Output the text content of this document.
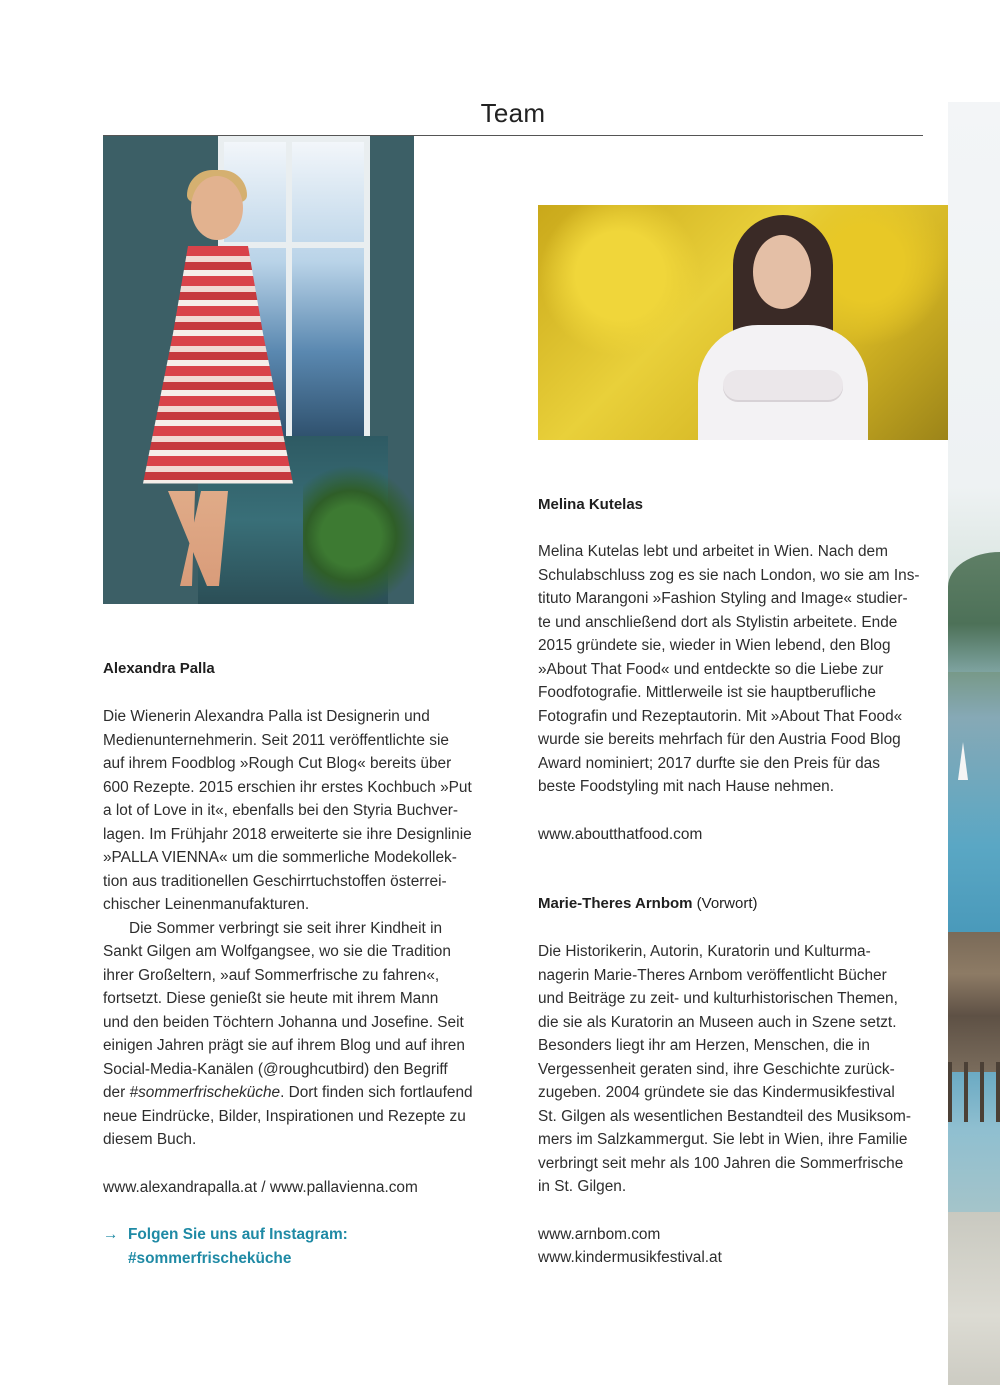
Team
Alexandra Palla

Die Wienerin Alexandra Palla ist Designerin und
Medienunternehmerin. Seit 2011 veröffentlichte sie
auf ihrem Foodblog »Rough Cut Blog« bereits über
600 Rezepte. 2015 erschien ihr erstes Kochbuch »Put
a lot of Love in it«, ebenfalls bei den Styria Buchver-
lagen. Im Frühjahr 2018 erweiterte sie ihre Designlinie
»PALLA VIENNA« um die sommerliche Modekollek-
tion aus traditionellen Geschirrtuchstoffen österrei-
chischer Leinenmanufakturen.

Die Sommer verbringt sie seit ihrer Kindheit in
Sankt Gilgen am Wolfgangsee, wo sie die Tradition
ihrer Großeltern, »auf Sommerfrische zu fahren«,
fortsetzt. Diese genießt sie heute mit ihrem Mann
und den beiden Töchtern Johanna und Josefine. Seit
einigen Jahren prägt sie auf ihrem Blog und auf ihren
Social-Media-Kanälen (@roughcutbird) den Begriff
der #sommerfrischeküche. Dort finden sich fortlaufend
neue Eindrücke, Bilder, Inspirationen und Rezepte zu
diesem Buch.

www.alexandrapalla.at / www.pallavienna.com
→ Folgen Sie uns auf Instagram:
#sommerfrischeküche
Melina Kutelas

Melina Kutelas lebt und arbeitet in Wien. Nach dem
Schulabschluss zog es sie nach London, wo sie am Ins-
tituto Marangoni »Fashion Styling and Image« studier-
te und anschließend dort als Stylistin arbeitete. Ende
2015 gründete sie, wieder in Wien lebend, den Blog
»About That Food« und entdeckte so die Liebe zur
Foodfotografie. Mittlerweile ist sie hauptberufliche
Fotografin und Rezeptautorin. Mit »About That Food«
wurde sie bereits mehrfach für den Austria Food Blog
Award nominiert; 2017 durfte sie den Preis für das
beste Foodstyling mit nach Hause nehmen.

www.aboutthatfood.com
Marie-Theres Arnbom (Vorwort)

Die Historikerin, Autorin, Kuratorin und Kulturma-
nagerin Marie-Theres Arnbom veröffentlicht Bücher
und Beiträge zu zeit- und kulturhistorischen Themen,
die sie als Kuratorin an Museen auch in Szene setzt.
Besonders liegt ihr am Herzen, Menschen, die in
Vergessenheit geraten sind, ihre Geschichte zurück-
zugeben. 2004 gründete sie das Kindermusikfestival
St. Gilgen als wesentlichen Bestandteil des Musiksom-
mers im Salzkammergut. Sie lebt in Wien, ihre Familie
verbringt seit mehr als 100 Jahren die Sommerfrische
in St. Gilgen.

www.arnbom.com
www.kindermusikfestival.at
